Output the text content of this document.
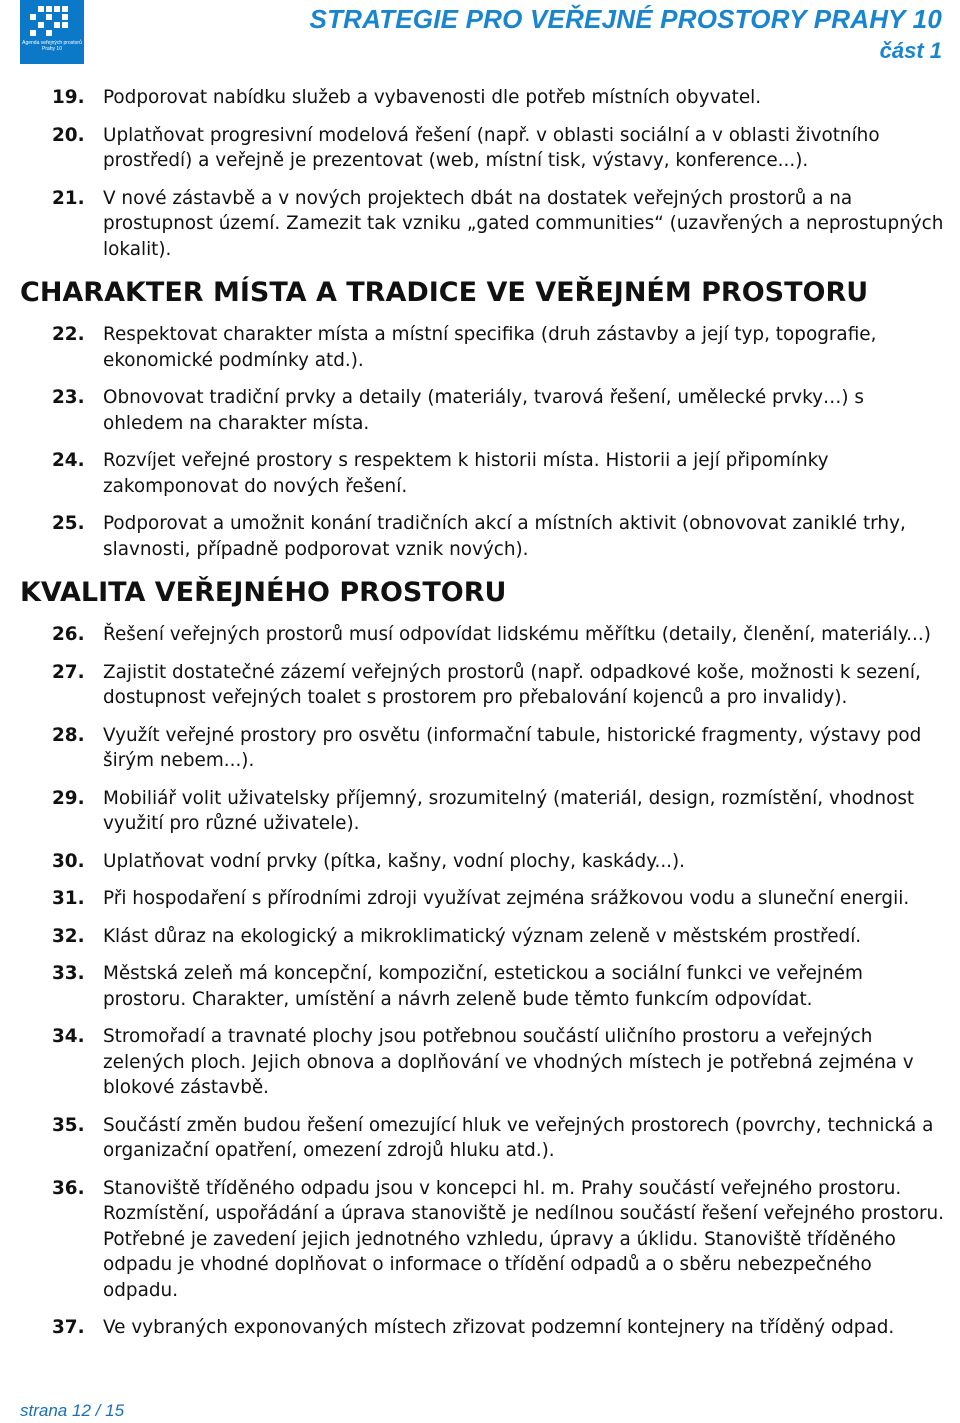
Agenda veřejných prostorů Prahy 10
STRATEGIE PRO VEŘEJNÉ PROSTORY PRAHY 10
část 1
19.	Podporovat nabídku služeb a vybavenosti dle potřeb místních obyvatel.
20.	Uplatňovat progresivní modelová řešení (např. v oblasti sociální a v oblasti životního prostředí) a veřejně je prezentovat (web, místní tisk, výstavy, konference...).
21.	V nové zástavbě a v nových projektech dbát na dostatek veřejných prostorů a na prostupnost území. Zamezit tak vzniku „gated communities“ (uzavřených a neprostupných lokalit).
CHARAKTER MÍSTA A TRADICE VE VEŘEJNÉM PROSTORU
22.	Respektovat charakter místa a místní specifika (druh zástavby a její typ, topografie, ekonomické podmínky atd.).
23.	Obnovovat tradiční prvky a detaily (materiály, tvarová řešení, umělecké prvky…) s ohledem na charakter místa.
24.	Rozvíjet veřejné prostory s respektem k historii místa. Historii a její připomínky zakomponovat do nových řešení.
25.	Podporovat a umožnit konání tradičních akcí a místních aktivit (obnovovat zaniklé trhy, slavnosti, případně podporovat vznik nových).
KVALITA VEŘEJNÉHO PROSTORU
26.	Řešení veřejných prostorů musí odpovídat lidskému měřítku (detaily, členění, materiály...)
27.	Zajistit dostatečné zázemí veřejných prostorů (např. odpadkové koše, možnosti k sezení, dostupnost veřejných toalet s prostorem pro přebalování kojenců a pro invalidy).
28.	Využít veřejné prostory pro osvětu (informační tabule, historické fragmenty, výstavy pod širým nebem...).
29.	Mobiliář volit uživatelsky příjemný, srozumitelný (materiál, design, rozmístění, vhodnost využití pro různé uživatele).
30.	Uplatňovat vodní prvky (pítka, kašny, vodní plochy, kaskády...).
31.	Při hospodaření s přírodními zdroji využívat zejména srážkovou vodu a sluneční energii.
32.	Klást důraz na ekologický a mikroklimatický význam zeleně v městském prostředí.
33.	Městská zeleň má koncepční, kompoziční, estetickou a sociální funkci ve veřejném prostoru. Charakter, umístění a návrh zeleně bude těmto funkcím odpovídat.
34.	Stromořadí a travnaté plochy jsou potřebnou součástí uličního prostoru a veřejných zelených ploch. Jejich obnova a doplňování ve vhodných místech je potřebná zejména v blokové zástavbě.
35.	Součástí změn budou řešení omezující hluk ve veřejných prostorech (povrchy, technická a organizační opatření, omezení zdrojů hluku atd.).
36.	Stanoviště tříděného odpadu jsou v koncepci hl. m. Prahy součástí veřejného prostoru. Rozmístění, uspořádání a úprava stanoviště je nedílnou součástí řešení veřejného prostoru. Potřebné je zavedení jejich jednotného vzhledu, úpravy a úklidu. Stanoviště tříděného odpadu je vhodné doplňovat o informace o třídění odpadů a o sběru nebezpečného odpadu.
37.	Ve vybraných exponovaných místech zřizovat podzemní kontejnery na tříděný odpad.
strana 12 / 15
